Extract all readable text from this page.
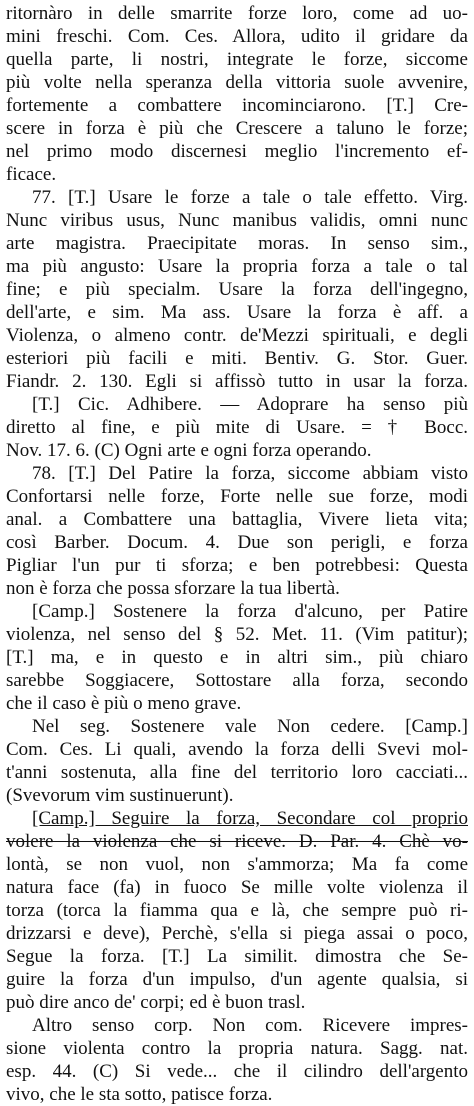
ritornàro in delle smarrite forze loro, come ad uo-
mini freschi. Com. Ces. Allora, udito il gridare da
quella parte, li nostri, integrate le forze, siccome
più volte nella speranza della vittoria suole avvenire,
fortemente a combattere incominciarono. [T.] Cre-
scere in forza è più che Crescere a taluno le forze;
nel primo modo discernesi meglio l'incremento ef-
ficace.
77. [T.] Usare le forze a tale o tale effetto. Virg.
Nunc viribus usus, Nunc manibus validis, omni nunc
arte magistra. Praecipitate moras. In senso sim.,
ma più angusto: Usare la propria forza a tale o tal
fine; e più specialm. Usare la forza dell'ingegno,
dell'arte, e sim. Ma ass. Usare la forza è aff. a
Violenza, o almeno contr. de'Mezzi spirituali, e degli
esteriori più facili e miti. Bentiv. G. Stor. Guer.
Fiandr. 2. 130. Egli si affissò tutto in usar la forza.
[T.] Cic. Adhibere. — Adoprare ha senso più
diretto al fine, e più mite di Usare. = † Bocc.
Nov. 17. 6. (C) Ogni arte e ogni forza operando.
78. [T.] Del Patire la forza, siccome abbiam visto
Confortarsi nelle forze, Forte nelle sue forze, modi
anal. a Combattere una battaglia, Vivere lieta vita;
così Barber. Docum. 4. Due son perigli, e forza
Pigliar l'un pur ti sforza; e ben potrebbesi: Questa
non è forza che possa sforzare la tua libertà.
[Camp.] Sostenere la forza d'alcuno, per Patire
violenza, nel senso del § 52. Met. 11. (Vim patitur);
[T.] ma, e in questo e in altri sim., più chiaro
sarebbe Soggiacere, Sottostare alla forza, secondo
che il caso è più o meno grave.
Nel seg. Sostenere vale Non cedere. [Camp.]
Com. Ces. Li quali, avendo la forza delli Svevi mol-
t'anni sostenuta, alla fine del territorio loro cacciati...
(Svevorum vim sustinuerunt).
[Camp.] Seguire la forza, Secondare col proprio
volere la violenza che si riceve. D. Par. 4. Chè vo-
lontà, se non vuol, non s'ammorza; Ma fa come
natura face (fa) in fuoco Se mille volte violenza il
torza (torca la fiamma qua e là, che sempre può ri-
drizzarsi e deve), Perchè, s'ella si piega assai o poco,
Segue la forza. [T.] La similit. dimostra che Se-
guire la forza d'un impulso, d'un agente qualsia, si
può dire anco de' corpi; ed è buon trasl.
Altro senso corp. Non com. Ricevere impres-
sione violenta contro la propria natura. Sagg. nat.
esp. 44. (C) Si vede... che il cilindro dell'argento
vivo, che le sta sotto, patisce forza.
